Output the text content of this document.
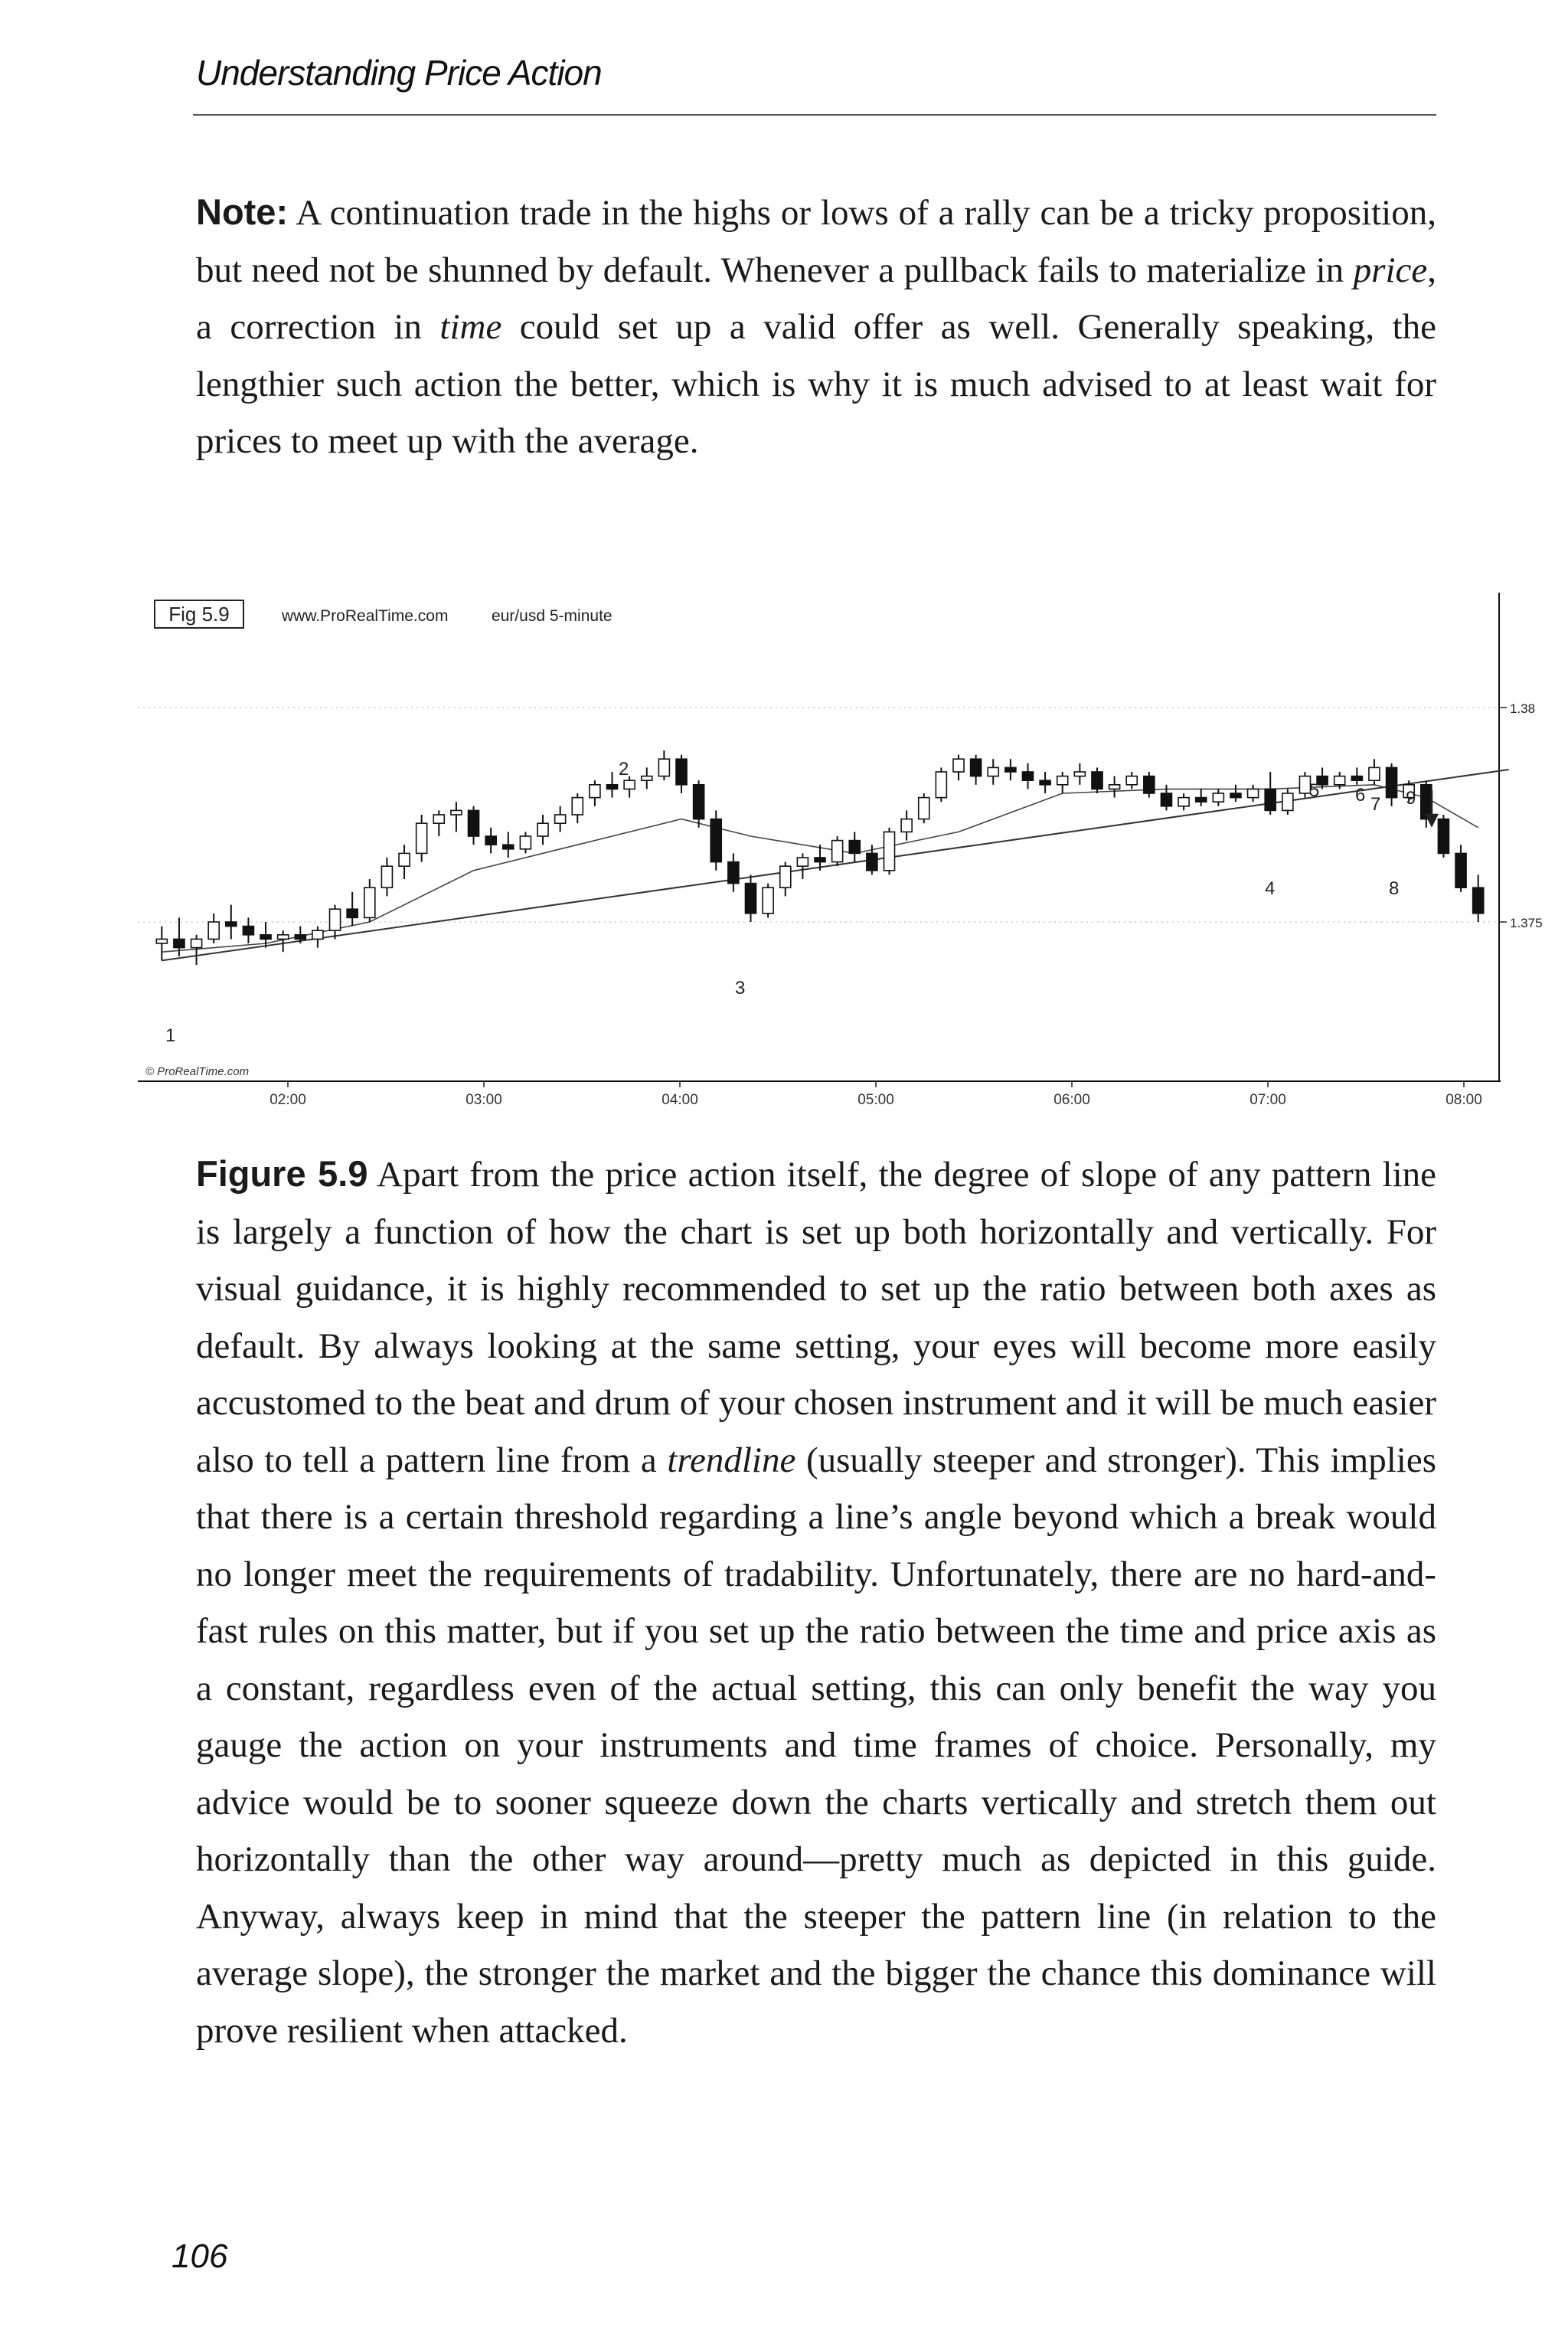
Understanding Price Action
Note: A continuation trade in the highs or lows of a rally can be a tricky proposition, but need not be shunned by default. Whenever a pullback fails to materialize in price, a correction in time could set up a valid offer as well. Generally speaking, the lengthier such action the better, which is why it is much advised to at least wait for prices to meet up with the average.
Fig 5.9	www.ProRealTime.com	eur/usd 5-minute
1.38
1.375
02:00	03:00	04:00	05:00	06:00	07:00	08:00
1
2
3
4
5 6 7
8
9
© ProRealTime.com
Figure 5.9 Apart from the price action itself, the degree of slope of any pattern line is largely a function of how the chart is set up both horizontally and vertically. For visual guidance, it is highly recommended to set up the ratio between both axes as default. By always looking at the same setting, your eyes will become more easily accustomed to the beat and drum of your chosen instrument and it will be much easier also to tell a pattern line from a trendline (usually steeper and stronger). This implies that there is a certain threshold regarding a line’s angle beyond which a break would no longer meet the requirements of tradability. Unfortunately, there are no hard-and-fast rules on this matter, but if you set up the ratio between the time and price axis as a constant, regardless even of the actual setting, this can only benefit the way you gauge the action on your instruments and time frames of choice. Personally, my advice would be to sooner squeeze down the charts vertically and stretch them out horizontally than the other way around—pretty much as depicted in this guide. Anyway, always keep in mind that the steeper the pattern line (in relation to the average slope), the stronger the market and the bigger the chance this dominance will prove resilient when attacked.
106
